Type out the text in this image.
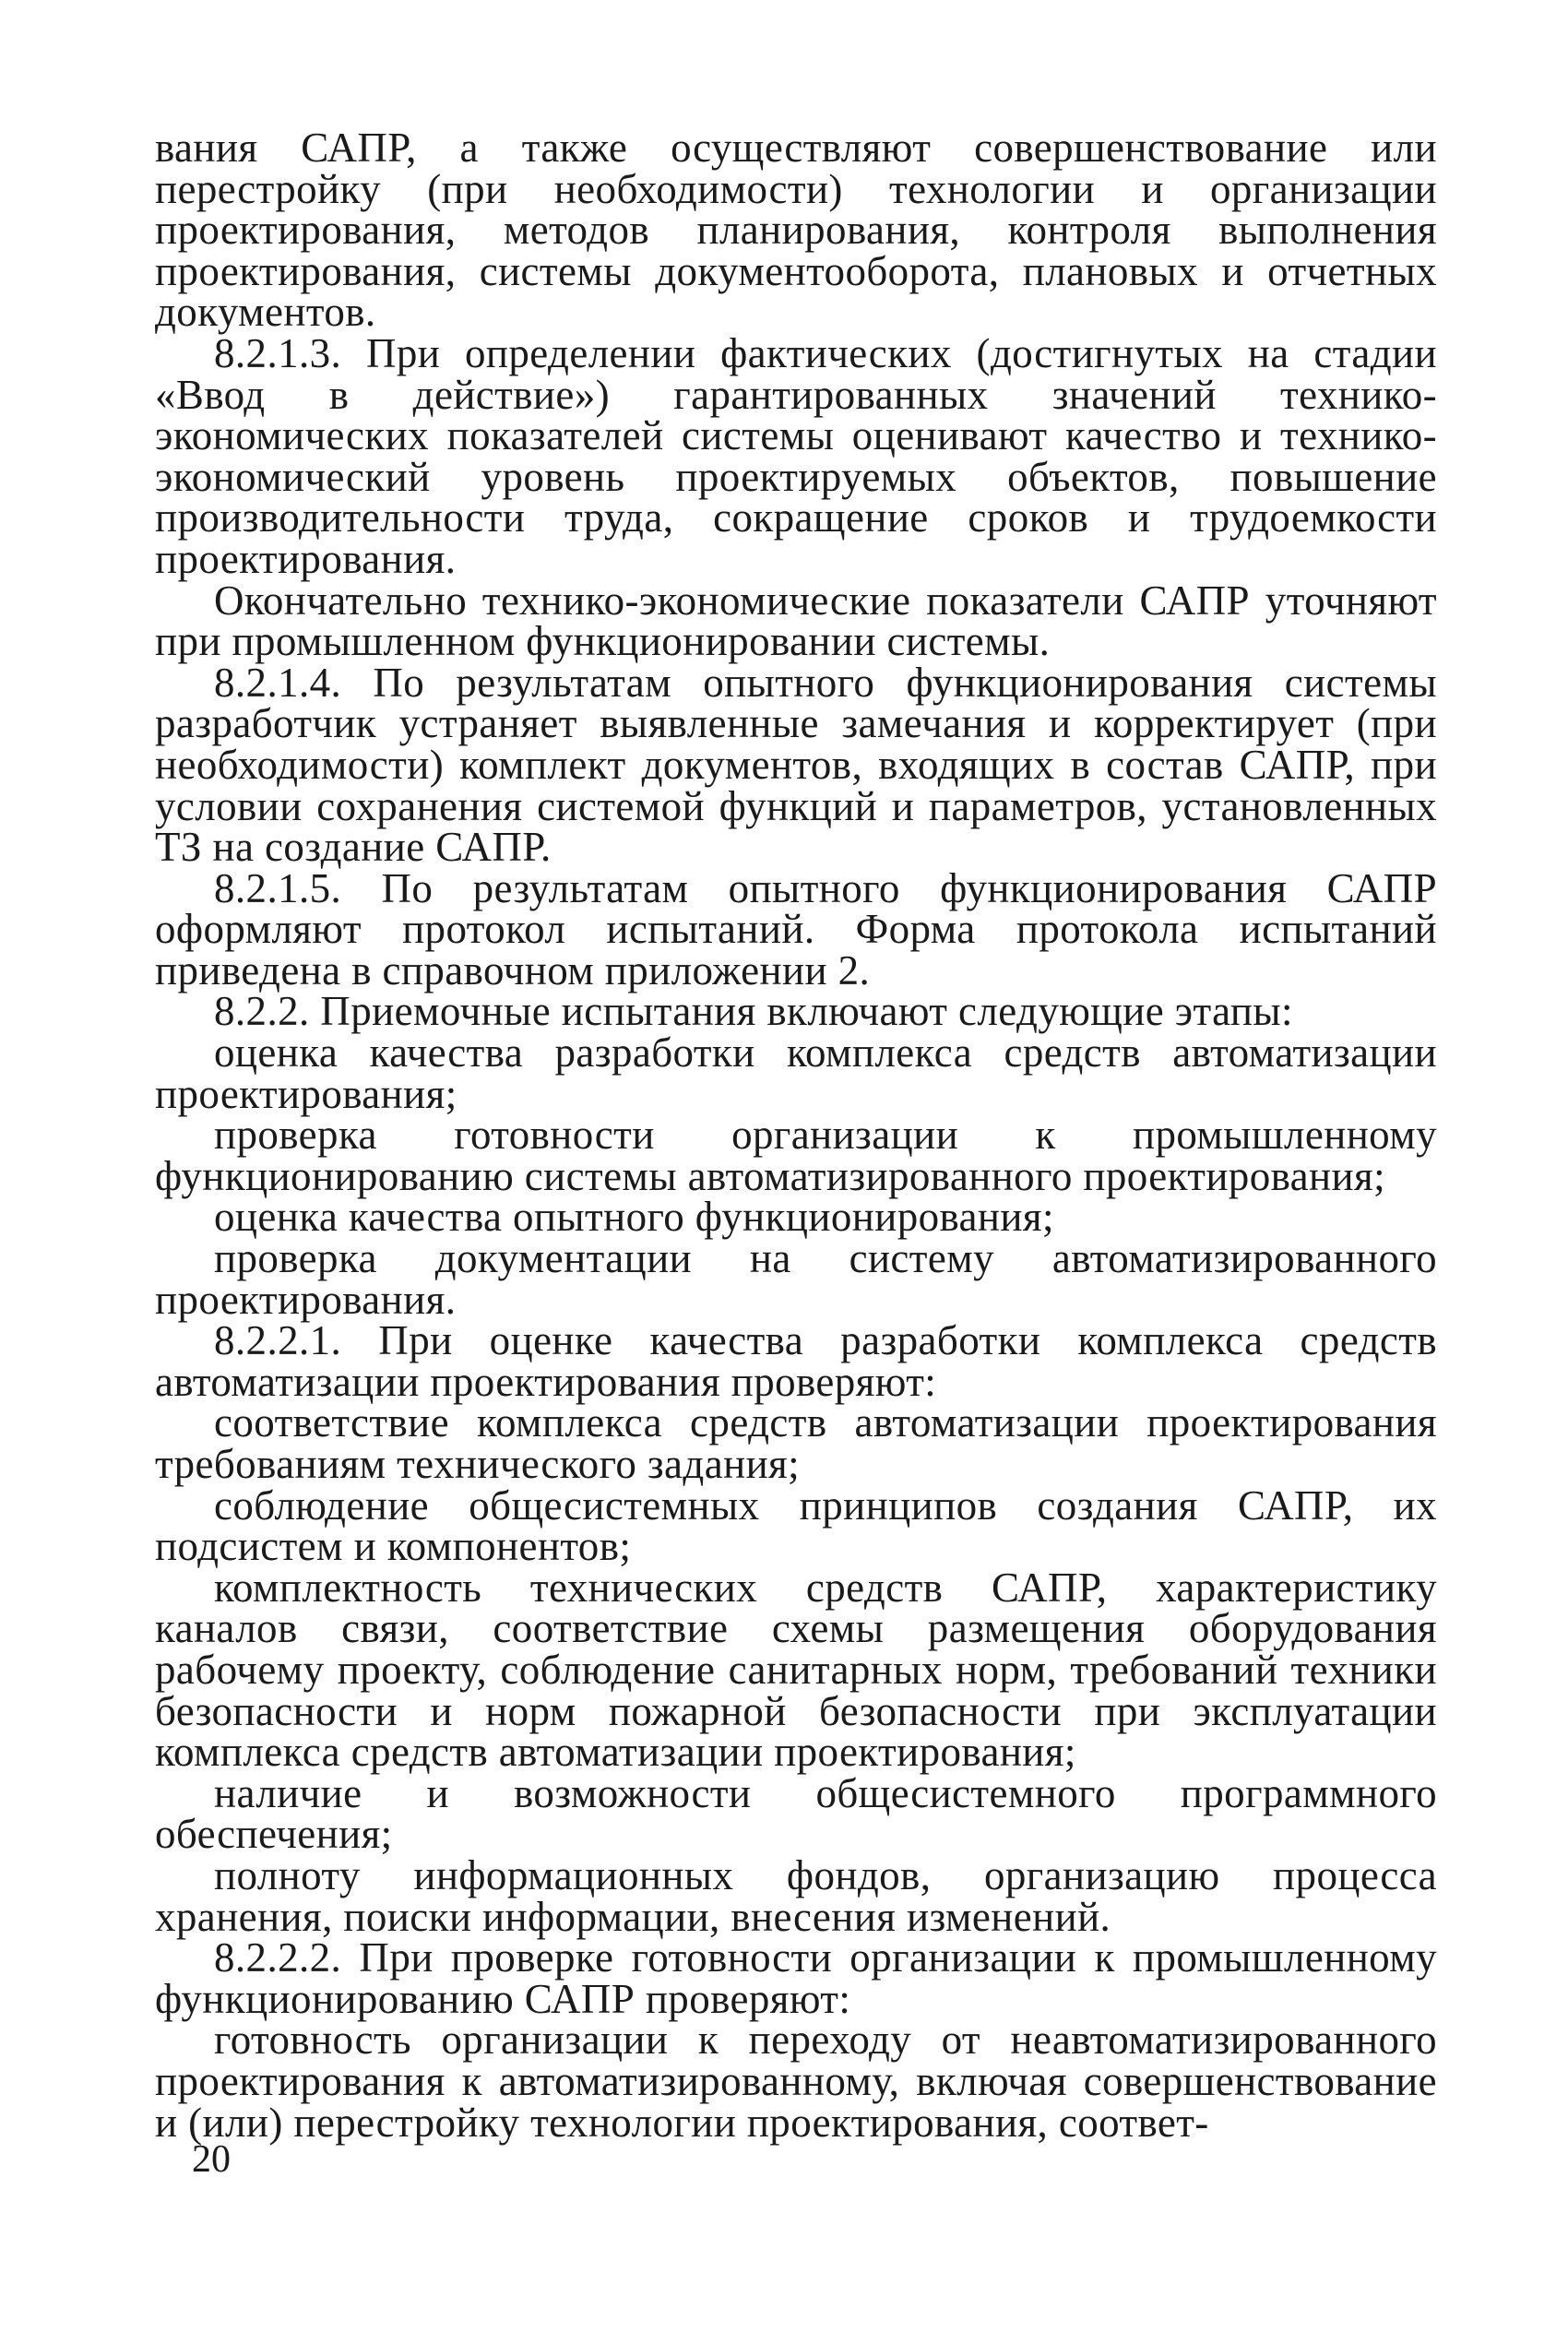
вания САПР, а также осуществляют совершенствование или перестройку (при необходимости) технологии и организации проектирования, методов планирования, контроля выполнения проектирования, системы документооборота, плановых и отчетных документов.

8.2.1.3. При определении фактических (достигнутых на стадии «Ввод в действие») гарантированных значений технико-экономических показателей системы оценивают качество и технико-экономический уровень проектируемых объектов, повышение производительности труда, сокращение сроков и трудоемкости проектирования.

Окончательно технико-экономические показатели САПР уточняют при промышленном функционировании системы.

8.2.1.4. По результатам опытного функционирования системы разработчик устраняет выявленные замечания и корректирует (при необходимости) комплект документов, входящих в состав САПР, при условии сохранения системой функций и параметров, установленных ТЗ на создание САПР.

8.2.1.5. По результатам опытного функционирования САПР оформляют протокол испытаний. Форма протокола испытаний приведена в справочном приложении 2.

8.2.2. Приемочные испытания включают следующие этапы:

оценка качества разработки комплекса средств автоматизации проектирования;

проверка готовности организации к промышленному функционированию системы автоматизированного проектирования;

оценка качества опытного функционирования;

проверка документации на систему автоматизированного проектирования.

8.2.2.1. При оценке качества разработки комплекса средств автоматизации проектирования проверяют:

соответствие комплекса средств автоматизации проектирования требованиям технического задания;

соблюдение общесистемных принципов создания САПР, их подсистем и компонентов;

комплектность технических средств САПР, характеристику каналов связи, соответствие схемы размещения оборудования рабочему проекту, соблюдение санитарных норм, требований техники безопасности и норм пожарной безопасности при эксплуатации комплекса средств автоматизации проектирования;

наличие и возможности общесистемного программного обеспечения;

полноту информационных фондов, организацию процесса хранения, поиски информации, внесения изменений.

8.2.2.2. При проверке готовности организации к промышленному функционированию САПР проверяют:

готовность организации к переходу от неавтоматизированного проектирования к автоматизированному, включая совершенствование и (или) перестройку технологии проектирования, соответ-

20
